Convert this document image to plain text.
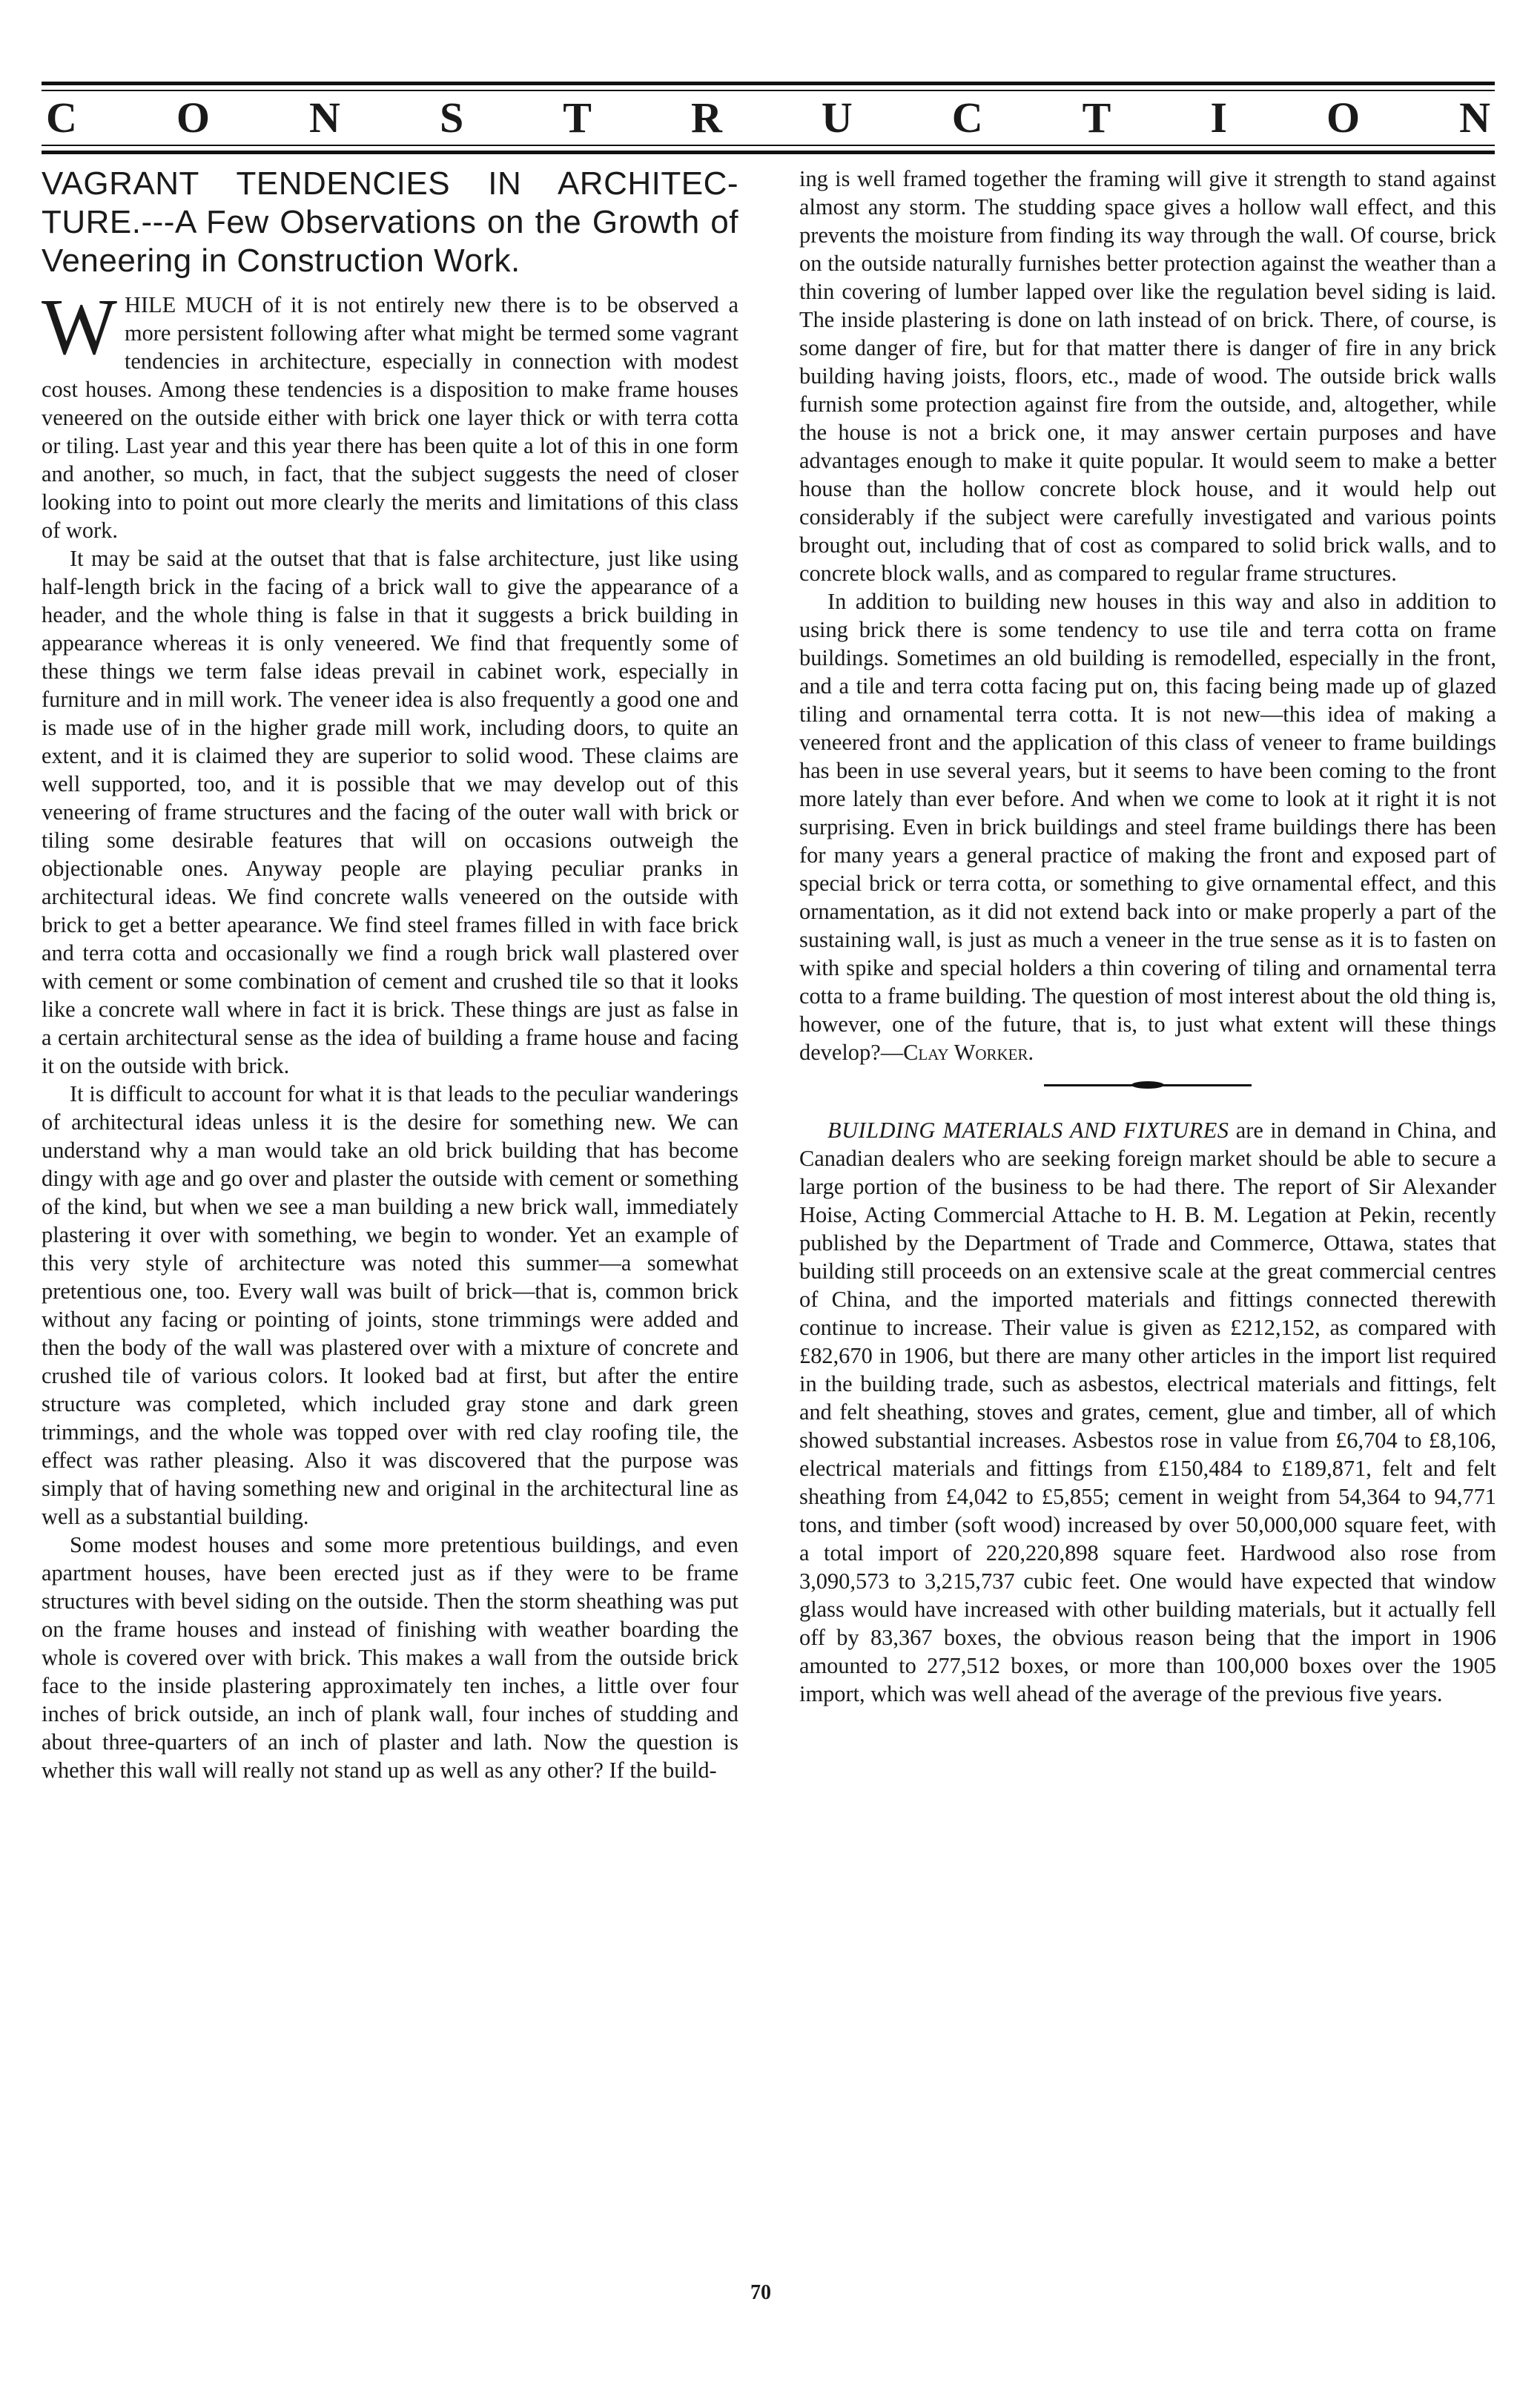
C O N S T R U C T I O N

VAGRANT TENDENCIES IN ARCHITEC- TURE.---A Few Observations on the Growth of Veneering in Construction Work.

WHILE MUCH of it is not entirely new there is to be observed a more persistent following after what might be termed some vagrant tendencies in architecture, especially in connection with modest cost houses. Among these tendencies is a disposition to make frame houses veneered on the outside either with brick one layer thick or with terra cotta or tiling. Last year and this year there has been quite a lot of this in one form and another, so much, in fact, that the subject suggests the need of closer looking into to point out more clearly the merits and limitations of this class of work.

It may be said at the outset that that is false architecture, just like using half-length brick in the facing of a brick wall to give the appearance of a header, and the whole thing is false in that it suggests a brick building in appearance whereas it is only veneered. We find that frequently some of these things we term false ideas prevail in cabinet work, especially in furniture and in mill work. The veneer idea is also frequently a good one and is made use of in the higher grade mill work, including doors, to quite an extent, and it is claimed they are superior to solid wood. These claims are well supported, too, and it is possible that we may develop out of this veneering of frame structures and the facing of the outer wall with brick or tiling some desirable features that will on occasions outweigh the objectionable ones. Anyway people are playing peculiar pranks in architectural ideas. We find concrete walls veneered on the outside with brick to get a better apearance. We find steel frames filled in with face brick and terra cotta and occasionally we find a rough brick wall plastered over with cement or some combination of cement and crushed tile so that it looks like a concrete wall where in fact it is brick. These things are just as false in a certain architectural sense as the idea of building a frame house and facing it on the outside with brick.

It is difficult to account for what it is that leads to the peculiar wanderings of architectural ideas unless it is the desire for something new. We can understand why a man would take an old brick building that has become dingy with age and go over and plaster the outside with cement or something of the kind, but when we see a man building a new brick wall, immediately plastering it over with something, we begin to wonder. Yet an example of this very style of architecture was noted this summer—a somewhat pretentious one, too. Every wall was built of brick—that is, common brick without any facing or pointing of joints, stone trimmings were added and then the body of the wall was plastered over with a mixture of concrete and crushed tile of various colors. It looked bad at first, but after the entire structure was completed, which included gray stone and dark green trimmings, and the whole was topped over with red clay roofing tile, the effect was rather pleasing. Also it was discovered that the purpose was simply that of having something new and original in the architectural line as well as a substantial building.

Some modest houses and some more pretentious buildings, and even apartment houses, have been erected just as if they were to be frame structures with bevel siding on the outside. Then the storm sheathing was put on the frame houses and instead of finishing with weather boarding the whole is covered over with brick. This makes a wall from the outside brick face to the inside plastering approximately ten inches, a little over four inches of brick outside, an inch of plank wall, four inches of studding and about three-quarters of an inch of plaster and lath. Now the question is whether this wall will really not stand up as well as any other? If the build-

ing is well framed together the framing will give it strength to stand against almost any storm. The studding space gives a hollow wall effect, and this prevents the moisture from finding its way through the wall. Of course, brick on the outside naturally furnishes better protection against the weather than a thin covering of lumber lapped over like the regulation bevel siding is laid. The inside plastering is done on lath instead of on brick. There, of course, is some danger of fire, but for that matter there is danger of fire in any brick building having joists, floors, etc., made of wood. The outside brick walls furnish some protection against fire from the outside, and, altogether, while the house is not a brick one, it may answer certain purposes and have advantages enough to make it quite popular. It would seem to make a better house than the hollow concrete block house, and it would help out considerably if the subject were carefully investigated and various points brought out, including that of cost as compared to solid brick walls, and to concrete block walls, and as compared to regular frame structures.

In addition to building new houses in this way and also in addition to using brick there is some tendency to use tile and terra cotta on frame buildings. Sometimes an old building is remodelled, especially in the front, and a tile and terra cotta facing put on, this facing being made up of glazed tiling and ornamental terra cotta. It is not new—this idea of making a veneered front and the application of this class of veneer to frame buildings has been in use several years, but it seems to have been coming to the front more lately than ever before. And when we come to look at it right it is not surprising. Even in brick buildings and steel frame buildings there has been for many years a general practice of making the front and exposed part of special brick or terra cotta, or something to give ornamental effect, and this ornamentation, as it did not extend back into or make properly a part of the sustaining wall, is just as much a veneer in the true sense as it is to fasten on with spike and special holders a thin covering of tiling and ornamental terra cotta to a frame building. The question of most interest about the old thing is, however, one of the future, that is, to just what extent will these things develop?—Clay Worker.

BUILDING MATERIALS AND FIXTURES are in demand in China, and Canadian dealers who are seeking foreign market should be able to secure a large portion of the business to be had there. The report of Sir Alexander Hoise, Acting Commercial Attache to H. B. M. Legation at Pekin, recently published by the Department of Trade and Commerce, Ottawa, states that building still proceeds on an extensive scale at the great commercial centres of China, and the imported materials and fittings connected therewith continue to increase. Their value is given as £212,152, as compared with £82,670 in 1906, but there are many other articles in the import list required in the building trade, such as asbestos, electrical materials and fittings, felt and felt sheathing, stoves and grates, cement, glue and timber, all of which showed substantial increases. Asbestos rose in value from £6,704 to £8,106, electrical materials and fittings from £150,484 to £189,871, felt and felt sheathing from £4,042 to £5,855; cement in weight from 54,364 to 94,771 tons, and timber (soft wood) increased by over 50,000,000 square feet, with a total import of 220,220,898 square feet. Hardwood also rose from 3,090,573 to 3,215,737 cubic feet. One would have expected that window glass would have increased with other building materials, but it actually fell off by 83,367 boxes, the obvious reason being that the import in 1906 amounted to 277,512 boxes, or more than 100,000 boxes over the 1905 import, which was well ahead of the average of the previous five years.

70
